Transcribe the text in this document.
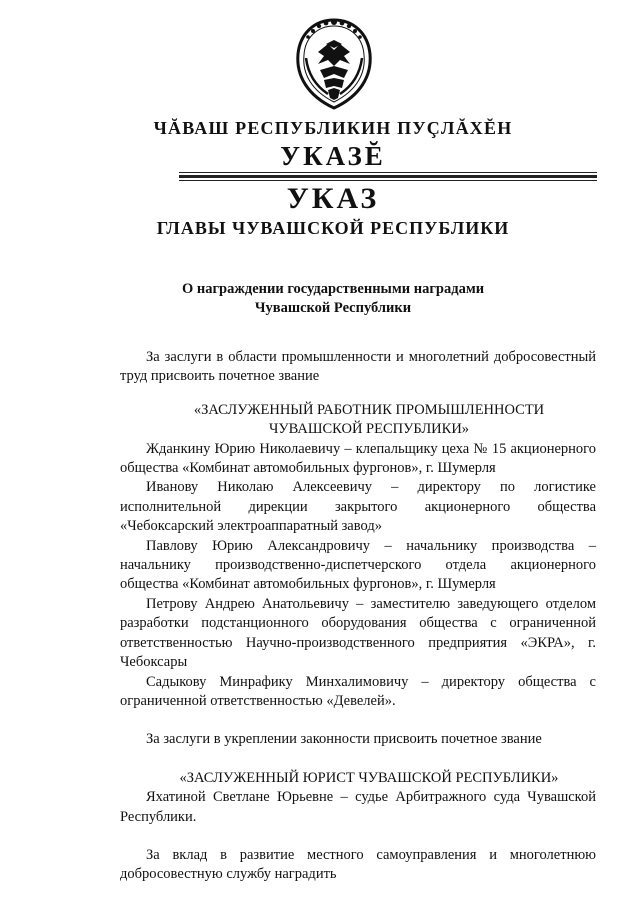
ЧĂВАШ РЕСПУБЛИКИН ПУÇЛĂХĔН
УКАЗĔ
УКАЗ
ГЛАВЫ ЧУВАШСКОЙ РЕСПУБЛИКИ
О награждении государственными наградами
Чувашской Республики

За заслуги в области промышленности и многолетний добросовестный труд присвоить почетное звание

«ЗАСЛУЖЕННЫЙ РАБОТНИК ПРОМЫШЛЕННОСТИ

ЧУВАШСКОЙ РЕСПУБЛИКИ»

Жданкину Юрию Николаевичу – клепальщику цеха № 15 акционерного общества «Комбинат автомобильных фургонов», г. Шумерля

Иванову Николаю Алексеевичу – директору по логистике исполнительной дирекции закрытого акционерного общества «Чебоксарский электроаппаратный завод»

Павлову Юрию Александровичу – начальнику производства – начальнику производственно-диспетчерского отдела акционерного общества «Комбинат автомобильных фургонов», г. Шумерля

Петрову Андрею Анатольевичу – заместителю заведующего отделом разработки подстанционного оборудования общества с ограниченной ответственностью Научно-производственного предприятия «ЭКРА», г. Чебоксары

Садыкову Минрафику Минхалимовичу – директору общества с ограниченной ответственностью «Девелей».

За заслуги в укреплении законности присвоить почетное звание

«ЗАСЛУЖЕННЫЙ ЮРИСТ ЧУВАШСКОЙ РЕСПУБЛИКИ»

Яхатиной Светлане Юрьевне – судье Арбитражного суда Чувашской Республики.

За вклад в развитие местного самоуправления и многолетнюю добросовестную службу наградить
